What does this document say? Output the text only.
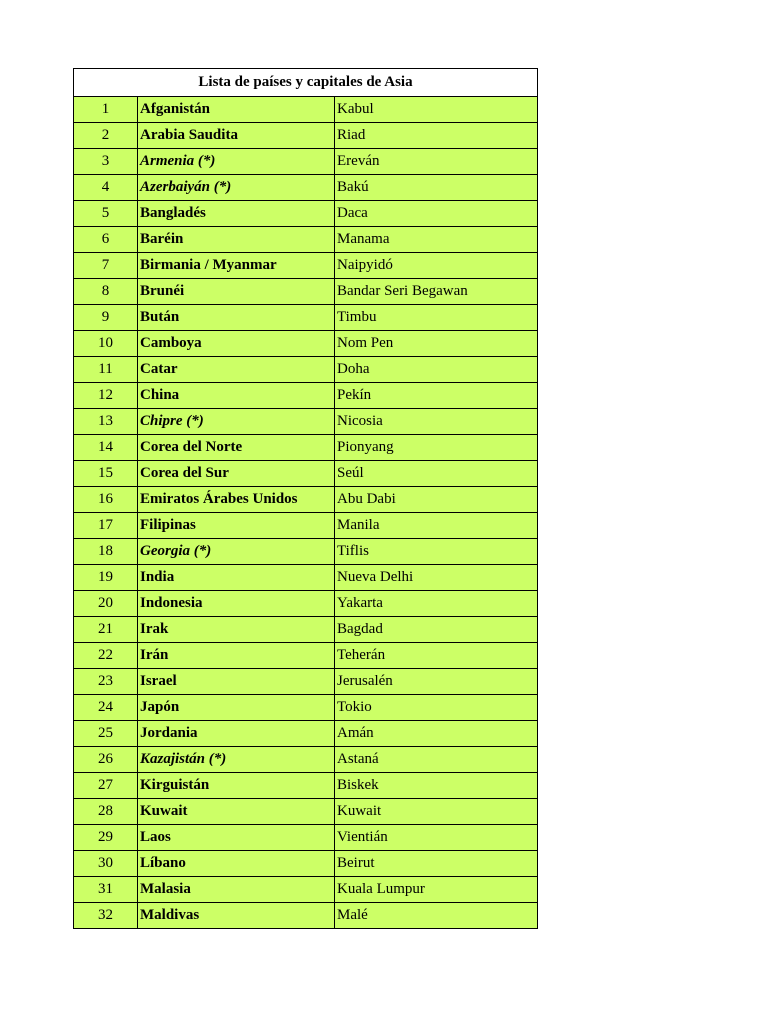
Lista de países y capitales de Asia		
1	Afganistán	Kabul
2	Arabia Saudita	Riad
3	Armenia (*)	Ereván
4	Azerbaiyán (*)	Bakú
5	Bangladés	Daca
6	Baréin	Manama
7	Birmania / Myanmar	Naipyidó
8	Brunéi	Bandar Seri Begawan
9	Bután	Timbu
10	Camboya	Nom Pen
11	Catar	Doha
12	China	Pekín
13	Chipre (*)	Nicosia
14	Corea del Norte	Pionyang
15	Corea del Sur	Seúl
16	Emiratos Árabes Unidos	Abu Dabi
17	Filipinas	Manila
18	Georgia (*)	Tiflis
19	India	Nueva Delhi
20	Indonesia	Yakarta
21	Irak	Bagdad
22	Irán	Teherán
23	Israel	Jerusalén
24	Japón	Tokio
25	Jordania	Amán
26	Kazajistán (*)	Astaná
27	Kirguistán	Biskek
28	Kuwait	Kuwait
29	Laos	Vientián
30	Líbano	Beirut
31	Malasia	Kuala Lumpur
32	Maldivas	Malé
